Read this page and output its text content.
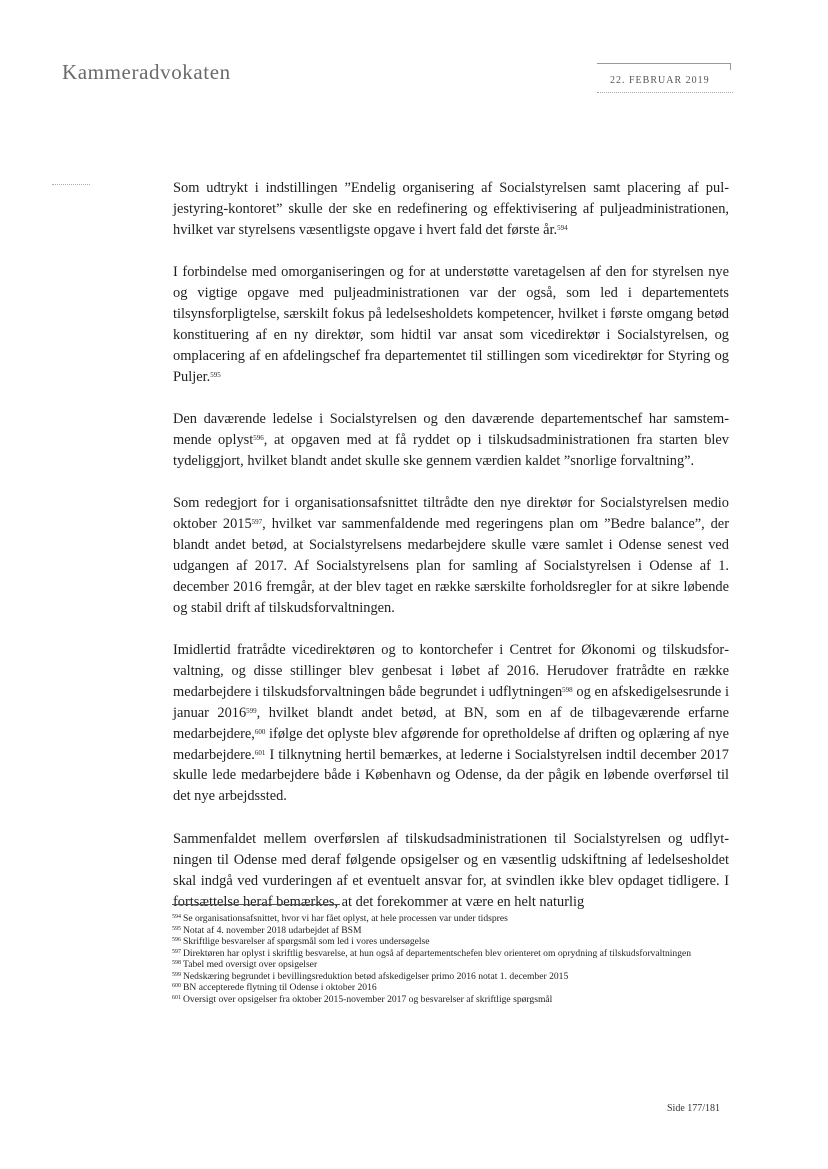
Kammeradvokaten	22. FEBRUAR 2019

Som udtrykt i indstillingen ”Endelig organisering af Socialstyrelsen samt placering af puljestyring-kontoret” skulle der ske en redefinering og effektivisering af puljeadministrationen, hvilket var styrelsens væsentligste opgave i hvert fald det første år.$^{594}$

I forbindelse med omorganiseringen og for at understøtte varetagelsen af den for styrelsen nye og vigtige opgave med puljeadministrationen var der også, som led i departementets tilsynsforpligtelse, særskilt fokus på ledelsesholdets kompetencer, hvilket i første omgang betød konstituering af en ny direktør, som hidtil var ansat som vicedirektør i Socialstyrelsen, og omplacering af en afdelingschef fra departementet til stillingen som vicedirektør for Styring og Puljer.$^{595}$

Den daværende ledelse i Socialstyrelsen og den daværende departementschef har samstemmende oplyst$^{596}$, at opgaven med at få ryddet op i tilskudsadministrationen fra starten blev tydeliggjort, hvilket blandt andet skulle ske gennem værdien kaldet ”snorlige forvaltning”.

Som redegjort for i organisationsafsnittet tiltrådte den nye direktør for Socialstyrelsen medio oktober 2015$^{597}$, hvilket var sammenfaldende med regeringens plan om ”Bedre balance”, der blandt andet betød, at Socialstyrelsens medarbejdere skulle være samlet i Odense senest ved udgangen af 2017. Af Socialstyrelsens plan for samling af Socialstyrelsen i Odense af 1. december 2016 fremgår, at der blev taget en række særskilte forholdsregler for at sikre løbende og stabil drift af tilskudsforvaltningen.

Imidlertid fratrådte vicedirektøren og to kontorchefer i Centret for Økonomi og tilskudsforvaltning, og disse stillinger blev genbesat i løbet af 2016. Herudover fratrådte en række medarbejdere i tilskudsforvaltningen både begrundet i udflytningen$^{598}$ og en afskedigelsesrunde i januar 2016$^{599}$, hvilket blandt andet betød, at BN, som en af de tilbageværende erfarne medarbejdere,$^{600}$ ifølge det oplyste blev afgørende for opretholdelse af driften og oplæring af nye medarbejdere.$^{601}$ I tilknytning hertil bemærkes, at lederne i Socialstyrelsen indtil december 2017 skulle lede medarbejdere både i København og Odense, da der pågik en løbende overførsel til det nye arbejdssted.

Sammenfaldet mellem overførslen af tilskudsadministrationen til Socialstyrelsen og udflytningen til Odense med deraf følgende opsigelser og en væsentlig udskiftning af ledelsesholdet skal indgå ved vurderingen af et eventuelt ansvar for, at svindlen ikke blev opdaget tidligere. I fortsættelse heraf bemærkes, at det forekommer at være en helt naturlig

$^{594}$ Se organisationsafsnittet, hvor vi har fået oplyst, at hele processen var under tidspres
$^{595}$ Notat af 4. november 2018 udarbejdet af BSM
$^{596}$ Skriftlige besvarelser af spørgsmål som led i vores undersøgelse
$^{597}$ Direktøren har oplyst i skriftlig besvarelse, at hun også af departementschefen blev orienteret om oprydning af tilskudsforvaltningen
$^{598}$ Tabel med oversigt over opsigelser
$^{599}$ Nedskæring begrundet i bevillingsreduktion betød afskedigelser primo 2016 notat 1. december 2015
$^{600}$ BN accepterede flytning til Odense i oktober 2016
$^{601}$ Oversigt over opsigelser fra oktober 2015-november 2017 og besvarelser af skriftlige spørgsmål
Side 177/181
